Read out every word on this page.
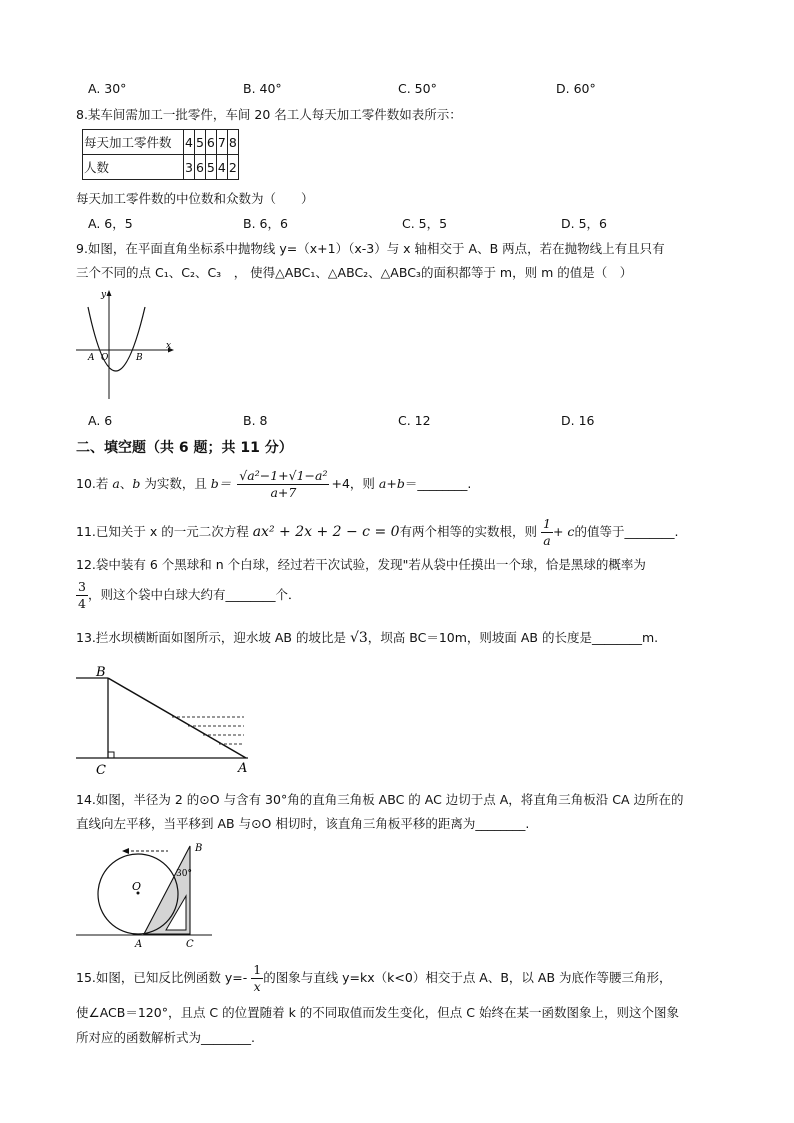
A. 30°	B. 40°	C. 50°	D. 60°
8.某车间需加工一批零件，车间 20 名工人每天加工零件数如表所示：
每天加工零件数	4	5	6	7	8
人数	3	6	5	4	2
每天加工零件数的中位数和众数为（　　）
A. 6，5	B. 6，6	C. 5，5	D. 5，6
9.如图，在平面直角坐标系中抛物线 y=（x+1）（x-3）与 x 轴相交于 A、B 两点，若在抛物线上有且只有
三个不同的点 C₁、C₂、C₃　， 使得△ABC₁、△ABC₂、△ABC₃的面积都等于 m，则 m 的值是（　）
x
y
A O	B
A. 6	B. 8	C. 12	D. 16
二、填空题（共 6 题；共 11 分）
10.若 a、b 为实数，且 $b= \frac{\text{√a²−1+√1−a²}}{a+7} +4$，则 a+b＝________.
11.已知关于 x 的一元二次方程 ax² + 2x + 2 − c = 0有两个相等的实数根，则 $\frac{1}{a} + c$的值等于________.
12.袋中装有 6 个黑球和 n 个白球，经过若干次试验，发现"若从袋中任摸出一个球，恰是黑球的概率为
$\frac{3}{4}$ ，则这个袋中白球大约有________个．
13.拦水坝横断面如图所示，迎水坡 AB 的坡比是 √3，坝高 BC＝10m，则坡面 AB 的长度是________m.
B
C	A
14.如图，半径为 2 的⊙O 与含有 30°角的直角三角板 ABC 的 AC 边切于点 A，将直角三角板沿 CA 边所在的
直线向左平移，当平移到 AB 与⊙O 相切时，该直角三角板平移的距离为________.
O
B
30°
A	C
15.如图，已知反比例函数 $y=- \frac{1}{x}$ 的图象与直线 y=kx（k<0）相交于点 A、B，以 AB 为底作等腰三角形，
使∠ACB＝120°，且点 C 的位置随着 k 的不同取值而发生变化，但点 C 始终在某一函数图象上，则这个图象
所对应的函数解析式为________.
